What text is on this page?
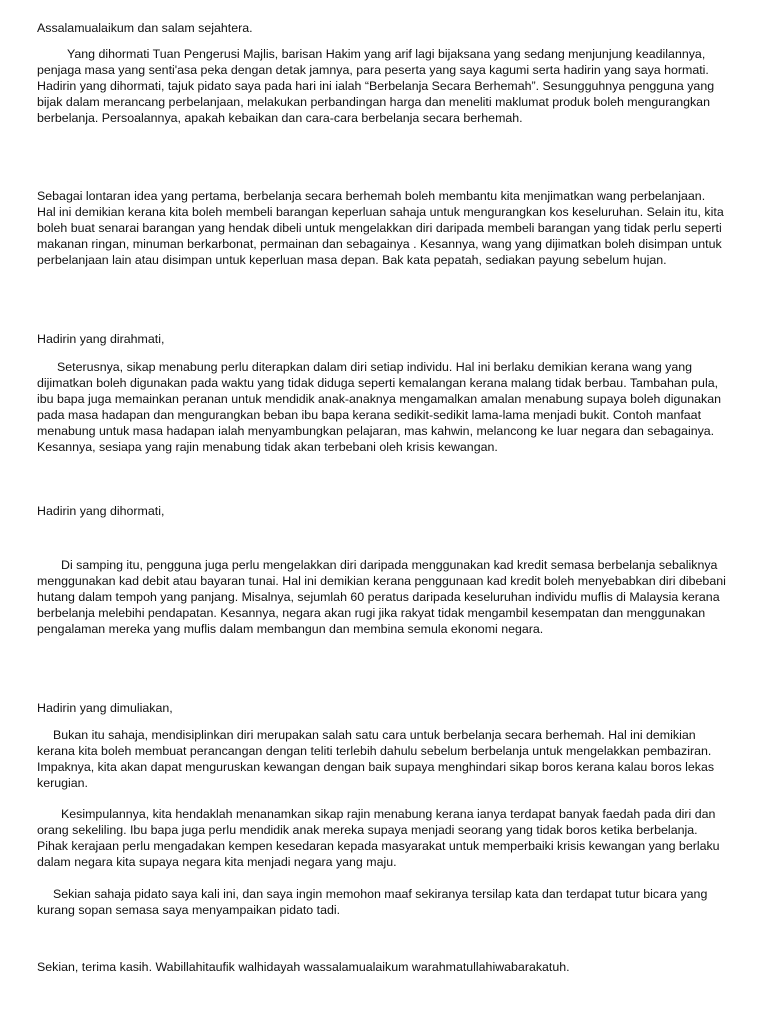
Assalamualaikum dan salam sejahtera.

Yang dihormati Tuan Pengerusi Majlis, barisan Hakim yang arif lagi bijaksana yang sedang menjunjung keadilannya, penjaga masa yang senti'asa peka dengan detak jamnya, para peserta yang saya kagumi serta hadirin yang saya hormati. Hadirin yang dihormati, tajuk pidato saya pada hari ini ialah “Berbelanja Secara Berhemah”. Sesungguhnya pengguna yang bijak dalam merancang perbelanjaan, melakukan perbandingan harga dan meneliti maklumat produk boleh mengurangkan berbelanja. Persoalannya, apakah kebaikan dan cara-cara berbelanja secara berhemah.

Sebagai lontaran idea yang pertama, berbelanja secara berhemah boleh membantu kita menjimatkan wang perbelanjaan. Hal ini demikian kerana kita boleh membeli barangan keperluan sahaja untuk mengurangkan kos keseluruhan. Selain itu, kita boleh buat senarai barangan yang hendak dibeli untuk mengelakkan diri daripada membeli barangan yang tidak perlu seperti makanan ringan, minuman berkarbonat, permainan dan sebagainya . Kesannya, wang yang dijimatkan boleh disimpan untuk perbelanjaan lain atau disimpan untuk keperluan masa depan. Bak kata pepatah, sediakan payung sebelum hujan.

Hadirin yang dirahmati,

Seterusnya, sikap menabung perlu diterapkan dalam diri setiap individu. Hal ini berlaku demikian kerana wang yang dijimatkan boleh digunakan pada waktu yang tidak diduga seperti kemalangan kerana malang tidak berbau. Tambahan pula, ibu bapa juga memainkan peranan untuk mendidik anak-anaknya mengamalkan amalan menabung supaya boleh digunakan pada masa hadapan dan mengurangkan beban ibu bapa kerana sedikit-sedikit lama-lama menjadi bukit. Contoh manfaat menabung untuk masa hadapan ialah menyambungkan pelajaran, mas kahwin, melancong ke luar negara dan sebagainya. Kesannya, sesiapa yang rajin menabung tidak akan terbebani oleh krisis kewangan.

Hadirin yang dihormati,

Di samping itu, pengguna juga perlu mengelakkan diri daripada menggunakan kad kredit semasa berbelanja sebaliknya menggunakan kad debit atau bayaran tunai. Hal ini demikian kerana penggunaan kad kredit boleh menyebabkan diri dibebani hutang dalam tempoh yang panjang. Misalnya, sejumlah 60 peratus daripada keseluruhan individu muflis di Malaysia kerana berbelanja melebihi pendapatan. Kesannya, negara akan rugi jika rakyat tidak mengambil kesempatan dan menggunakan pengalaman mereka yang muflis dalam membangun dan membina semula ekonomi negara.

Hadirin yang dimuliakan,

Bukan itu sahaja, mendisiplinkan diri merupakan salah satu cara untuk berbelanja secara berhemah. Hal ini demikian kerana kita boleh membuat perancangan dengan teliti terlebih dahulu sebelum berbelanja untuk mengelakkan pembaziran. Impaknya, kita akan dapat menguruskan kewangan dengan baik supaya menghindari sikap boros kerana kalau boros lekas kerugian.

Kesimpulannya, kita hendaklah menanamkan sikap rajin menabung kerana ianya terdapat banyak faedah pada diri dan orang sekeliling. Ibu bapa juga perlu mendidik anak mereka supaya menjadi seorang yang tidak boros ketika berbelanja. Pihak kerajaan perlu mengadakan kempen kesedaran kepada masyarakat untuk memperbaiki krisis kewangan yang berlaku dalam negara kita supaya negara kita menjadi negara yang maju.

Sekian sahaja pidato saya kali ini, dan saya ingin memohon maaf sekiranya tersilap kata dan terdapat tutur bicara yang kurang sopan semasa saya menyampaikan pidato tadi.

Sekian, terima kasih. Wabillahitaufik walhidayah wassalamualaikum warahmatullahiwabarakatuh.
